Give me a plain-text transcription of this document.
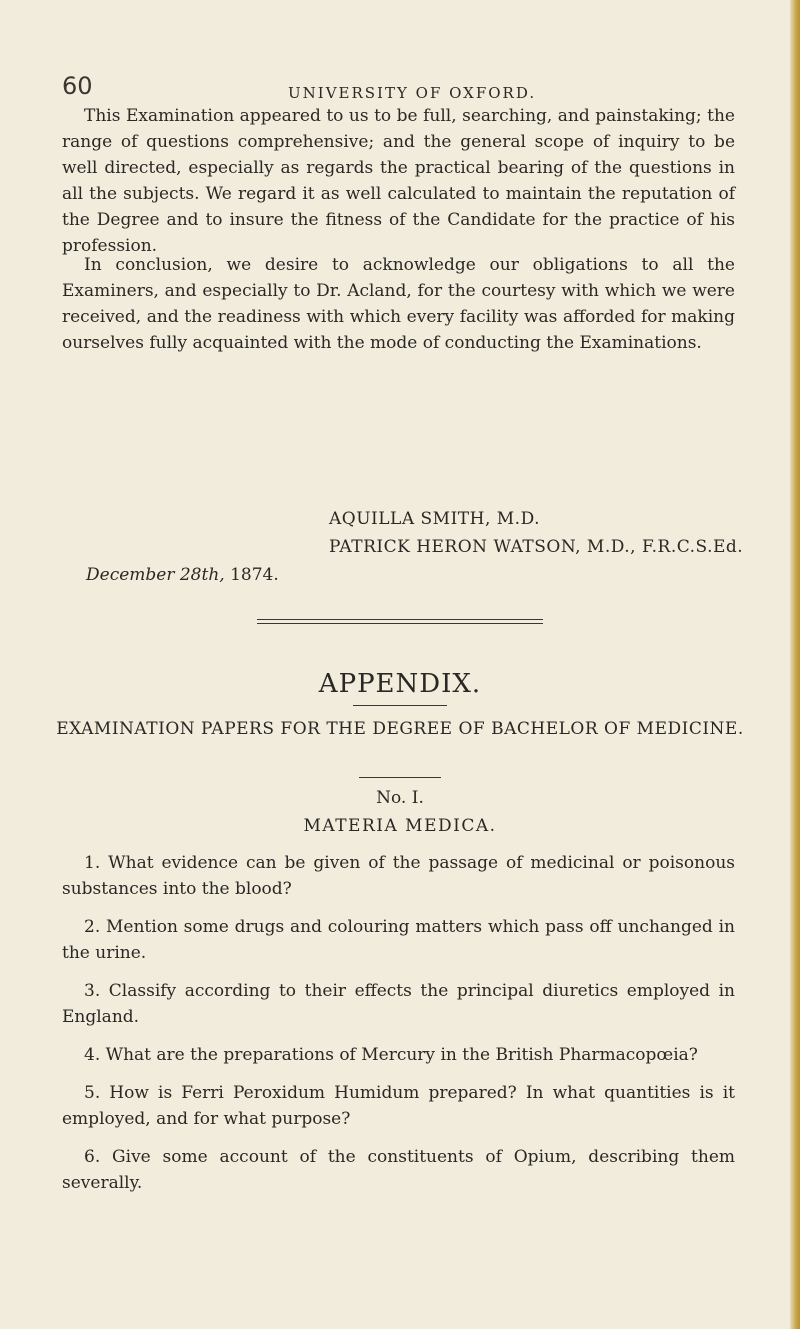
60	UNIVERSITY OF OXFORD.
This Examination appeared to us to be full, searching, and painstaking; the range of questions comprehensive; and the general scope of inquiry to be well directed, especially as regards the practical bearing of the questions in all the subjects. We regard it as well calculated to maintain the reputation of the Degree and to insure the fitness of the Candidate for the practice of his profession.
In conclusion, we desire to acknowledge our obligations to all the Examiners, and especially to Dr. Acland, for the courtesy with which we were received, and the readiness with which every facility was afforded for making ourselves fully acquainted with the mode of conducting the Examinations.
AQUILLA SMITH, M.D.
PATRICK HERON WATSON, M.D., F.R.C.S.Ed.
December 28th, 1874.
APPENDIX.
EXAMINATION PAPERS FOR THE DEGREE OF BACHELOR OF MEDICINE.
No. I.
MATERIA MEDICA.
1. What evidence can be given of the passage of medicinal or poisonous substances into the blood?
2. Mention some drugs and colouring matters which pass off unchanged in the urine.
3. Classify according to their effects the principal diuretics employed in England.
4. What are the preparations of Mercury in the British Pharmacopœia?
5. How is Ferri Peroxidum Humidum prepared? In what quantities is it employed, and for what purpose?
6. Give some account of the constituents of Opium, describing them severally.
